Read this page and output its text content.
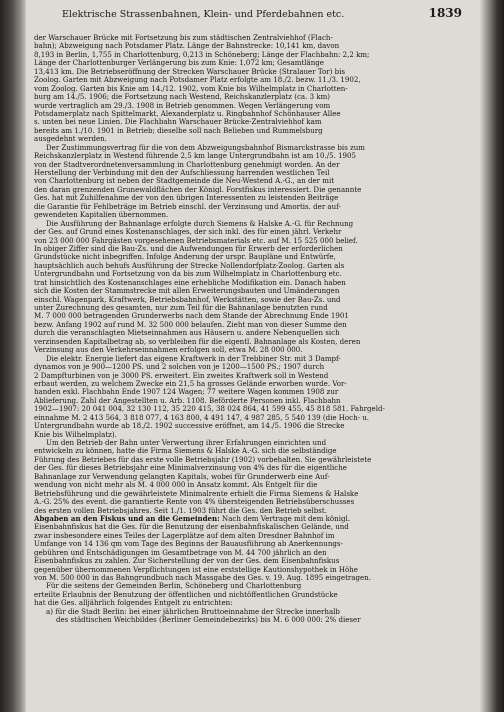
Elektrische Strassenbahnen, Klein- und Pferdebahnen etc.	1839
der Warschauer Brücke mit Fortsetzung bis zum städtischen Zentralviehhof (Flach-
bahn); Abzweigung nach Potsdamer Platz. Länge der Bahnstrecke: 10,141 km, davon
8,193 in Berlin, 1,755 in Charlottenburg, 0,213 in Schöneberg; Länge der Flachbahn: 2,2 km;
Länge der Charlottenburger Verlängerung bis zum Knie: 1,072 km; Gesamtlänge
13,413 km. Die Betriebseröffnung der Strecken Warschauer Brücke (Stralauer Tor) bis
Zoolog. Garten mit Abzweigung nach Potsdamer Platz erfolgte am 18./2. bezw. 11./3. 1902,
vom Zoolog. Garten bis Knie am 14./12. 1902, vom Knie bis Wilhelmplatz in Charlotten-
burg am 14./5. 1906; die Fortsetzung nach Westend, Reichskanzlerplatz (ca. 3 km)
wurde vertraglich am 29./3. 1908 in Betrieb genommen. Wegen Verlängerung vom
Potsdamerplatz nach Spittelmarkt, Alexanderplatz u. Ringbahnhof Schönhauser Allee
s. unten bei neue Linien. Die Flachbahn Warschauer Brücke-Zentralviehhof kam
bereits am 1./10. 1901 in Betrieb; dieselbe soll nach Belieben und Rummelsburg
ausgedehnt werden.
Der Zustimmungsvertrag für die von dem Abzweigungsbahnhof Bismarckstrasse bis zum
Reichskanzlerplatz in Westend führende 2,5 km lange Untergrundbahn ist am 10./5. 1905
von der Stadtverordnetenversammlung in Charlottenburg genehmigt worden. An der
Herstellung der Verbindung mit den der Aufschliessung harrenden westlichen Teil
von Charlottenburg ist neben der Stadtgemeinde die Neu-Westend A.-G., an der mit
den daran grenzenden Grunewaldflächen der Königl. Forstfiskus interessiert. Die genannte
Ges. hat mit Zuhilfenahme der von den übrigen Interessenten zu leistenden Beiträge
die Garantie für Fehlbeträge im Betrieb einschl. der Verzinsung und Amortis. der auf-
gewendeten Kapitalien übernommen.
Die Ausführung der Bahnanlage erfolgte durch Siemens & Halske A.-G. für Rechnung
der Ges. auf Grund eines Kostenanschlages, der sich inkl. des für einen jährl. Verkehr
von 23 000 000 Fahrgästen vorgesehenen Betriebsmaterials etc. auf M. 15 525 000 belief.
In obiger Ziffer sind die Bau-Zs. und die Aufwendungen für Erwerb der erforderlichen
Grundstücke nicht inbegriffen. Infolge Änderung der urspr. Baupläne und Entwürfe,
hauptsächlich auch behufs Ausführung der Strecke Nollendorfplatz-Zoolog. Garten als
Untergrundbahn und Fortsetzung von da bis zum Wilhelmplatz in Charlottenburg etc.
trat hinsichtlich des Kostenanschlages eine erhebliche Modifikation ein. Danach haben
sich die Kosten der Stammstrecke mit allen Erweiterungsbauten und Umänderungen
einschl. Wagenpark, Kraftwerk, Betriebsbahnhof, Werkstätten, sowie der Bau-Zs. und
unter Zurechnung des gesamten, nur zum Teil für die Bahnanlage benutzten rund
M. 7 000 000 betragenden Grunderwerbs nach dem Stande der Abrechnung Ende 1901
bezw. Anfang 1902 auf rund M. 32 500 000 belaufen. Zieht man von dieser Summe den
durch die veranschlagten Mietseinnahmen aus Häusern u. andere Nebenquellen sich
verzinsenden Kapitalbetrag ab, so verbleiben für die eigentl. Bahnanlage als Kosten, deren
Verzinsung aus den Verkehrseinnahmen erfolgen soll, etwa M. 28 000 000.
Die elektr. Energie liefert das eigene Kraftwerk in der Trebbiner Str. mit 3 Dampf-
dynamos von je 900—1200 PS. und 2 solchen von je 1200—1500 PS.; 1907 durch
2 Dampfturbinen von je 3000 PS. erweitert. Ein zweites Kraftwerk soll in Westend
erbaut werden, zu welchem Zwecke ein 21,5 ha grosses Gelände erworben wurde. Vor-
handen exkl. Flachbahn Ende 1907 124 Wagen; 77 weitere Wagen kommen 1908 zur
Ablieferung. Zahl der Angestellten u. Arb. 1108. Beförderte Personen inkl. Flachbahn
1902—1907: 20 041 004, 32 130 112, 35 220 415, 38 024 864, 41 599 455, 45 818 581. Fahrgeld-
einnahme M. 2 413 564, 3 818 077, 4 163 800, 4 491 147, 4 987 285, 5 540 139 (die Hoch- u.
Untergrundbahn wurde ab 18./2. 1902 successive eröffnet, am 14./5. 1906 die Strecke
Knie bis Wilhelmplatz).
Um den Betrieb der Bahn unter Verwertung ihrer Erfahrungen einrichten und
entwickeln zu können, hatte die Firma Siemens & Halske A.-G. sich die selbständige
Führung des Betriebes für das erste volle Betriebsjahr (1902) vorbehalten. Sie gewährleistete
der Ges. für dieses Betriebsjahr eine Minimalverzinsung von 4% des für die eigentliche
Bahnanlage zur Verwendung gelangten Kapitals, wobei für Grunderwerb eine Auf-
wendung von nicht mehr als M. 4 000 000 in Ansatz kommt. Als Entgelt für die
Betriebsführung und die gewährleistete Minimalrente erhielt die Firma Siemens & Halske
A.-G. 25% des event. die garantierte Rente von 4% übersteigenden Betriebsüberschusses
des ersten vollen Betriebsjahres. Seit 1./1. 1903 führt die Ges. den Betrieb selbst.
Abgaben an den Fiskus und an die Gemeinden: Nach dem Vertrage mit dem königl.
Eisenbahnfiskus hat die Ges. für die Benutzung der eisenbahnfiskalischen Gelände, und
zwar insbesondere eines Teiles der Lagerplätze auf dem alten Dresdner Bahnhof im
Umfange von 14 136 qm vom Tage des Beginns der Bauausführung ab Anerkennungs-
gebühren und Entschädigungen im Gesamtbetrage von M. 44 700 jährlich an den
Eisenbahnfiskus zu zahlen. Zur Sicherstellung der von der Ges. dem Eisenbahnfiskus
gegenüber übernommenen Verpflichtungen ist eine erststellige Kautionshypothek in Höhe
von M. 500 000 in das Bahngrundbuch nach Massgabe des Ges. v. 19. Aug. 1895 eingetragen.
Für die seitens der Gemeinden Berlin, Schöneberg und Charlottenburg
erteilte Erlaubnis der Benutzung der öffentlichen und nichtöffentlichen Grundstücke
hat die Ges. alljährlich folgendes Entgelt zu entrichten:
a) für die Stadt Berlin: bei einer jährlichen Bruttoeinnahme der Strecke innerhalb
des städtischen Weichbildes (Berliner Gemeindebezirks) bis M. 6 000 000: 2% dieser
